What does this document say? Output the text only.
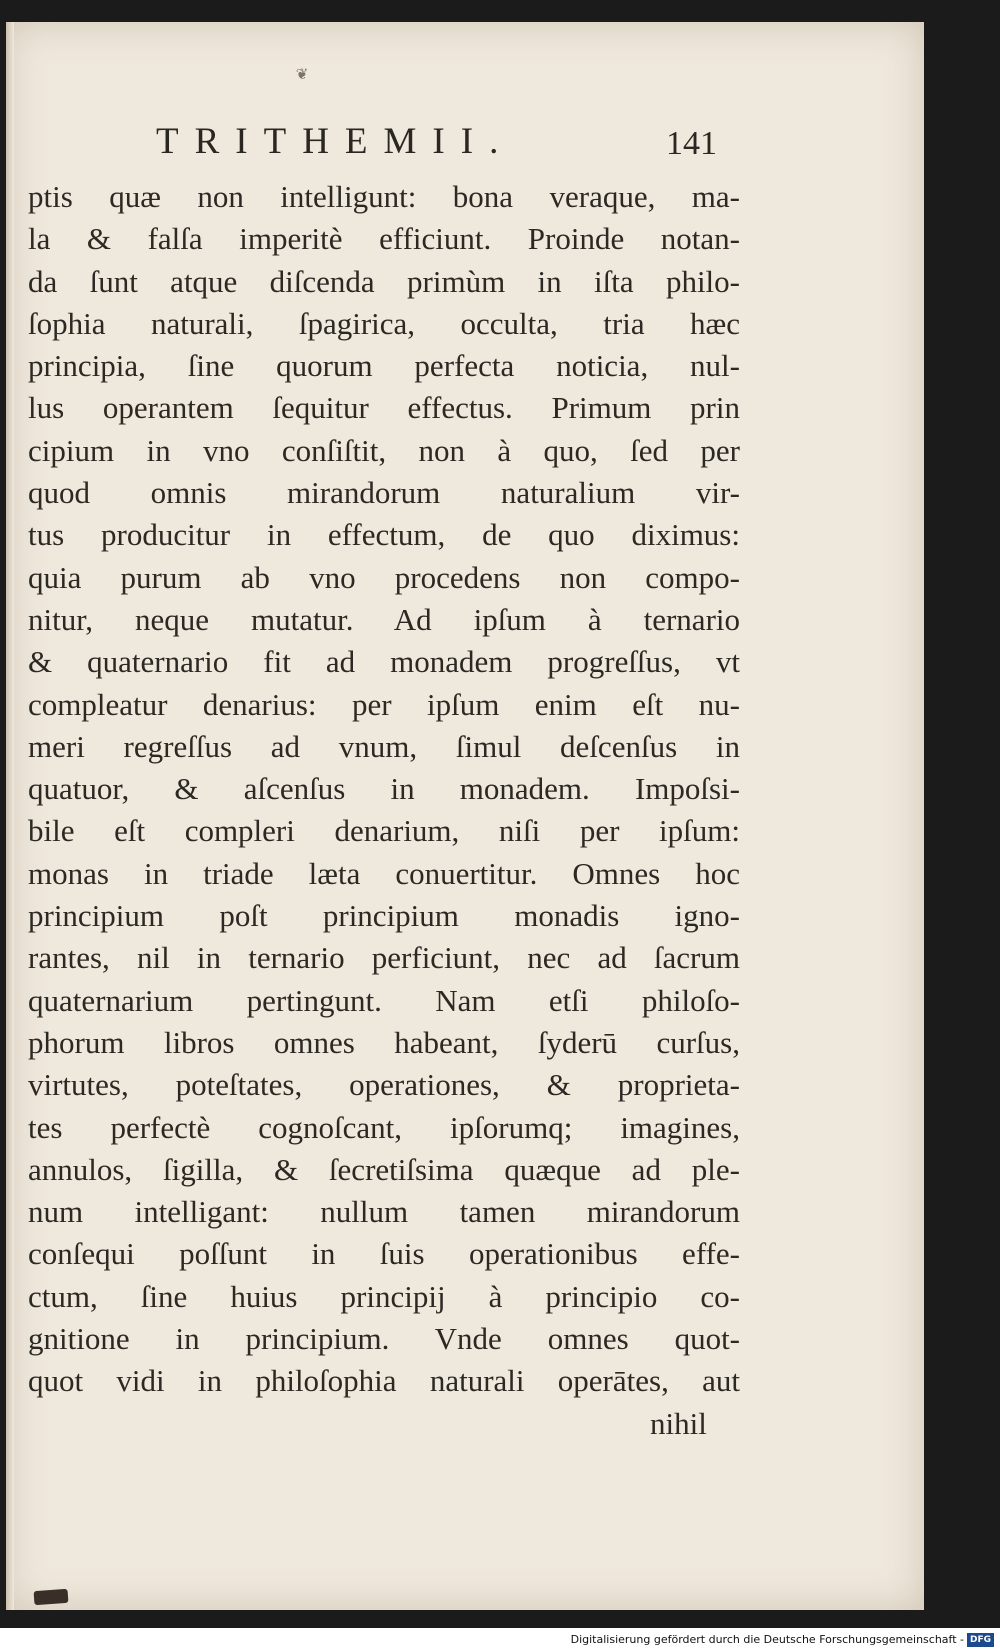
❦
TRITHEMII.	141
ptis quæ non intelligunt: bona veraque, ma-
la & falſa imperitè efficiunt. Proinde notan-
da ſunt atque diſcenda primùm in iſta philo-
ſophia naturali, ſpagirica, occulta, tria hæc
principia, ſine quorum perfecta noticia, nul-
lus operantem ſequitur effectus. Primum prin
cipium in vno conſiſtit, non à quo, ſed per
quod omnis mirandorum naturalium vir-
tus producitur in effectum, de quo diximus:
quia purum ab vno procedens non compo-
nitur, neque mutatur. Ad ipſum à ternario
& quaternario fit ad monadem progreſſus, vt
compleatur denarius: per ipſum enim eſt nu-
meri regreſſus ad vnum, ſimul deſcenſus in
quatuor, & aſcenſus in monadem. Impoſsi-
bile eſt compleri denarium, niſi per ipſum:
monas in triade læta conuertitur. Omnes hoc
principium poſt principium monadis igno-
rantes, nil in ternario perficiunt, nec ad ſacrum
quaternarium pertingunt. Nam etſi philoſo-
phorum libros omnes habeant, ſyderū curſus,
virtutes, poteſtates, operationes, & proprieta-
tes perfectè cognoſcant, ipſorumq; imagines,
annulos, ſigilla, & ſecretiſsima quæque ad ple-
num intelligant: nullum tamen mirandorum
conſequi poſſunt in ſuis operationibus effe-
ctum, ſine huius principij à principio co-
gnitione in principium. Vnde omnes quot-
quot vidi in philoſophia naturali operātes, aut
nihil
Digitalisierung gefördert durch die Deutsche Forschungsgemeinschaft - DFG
